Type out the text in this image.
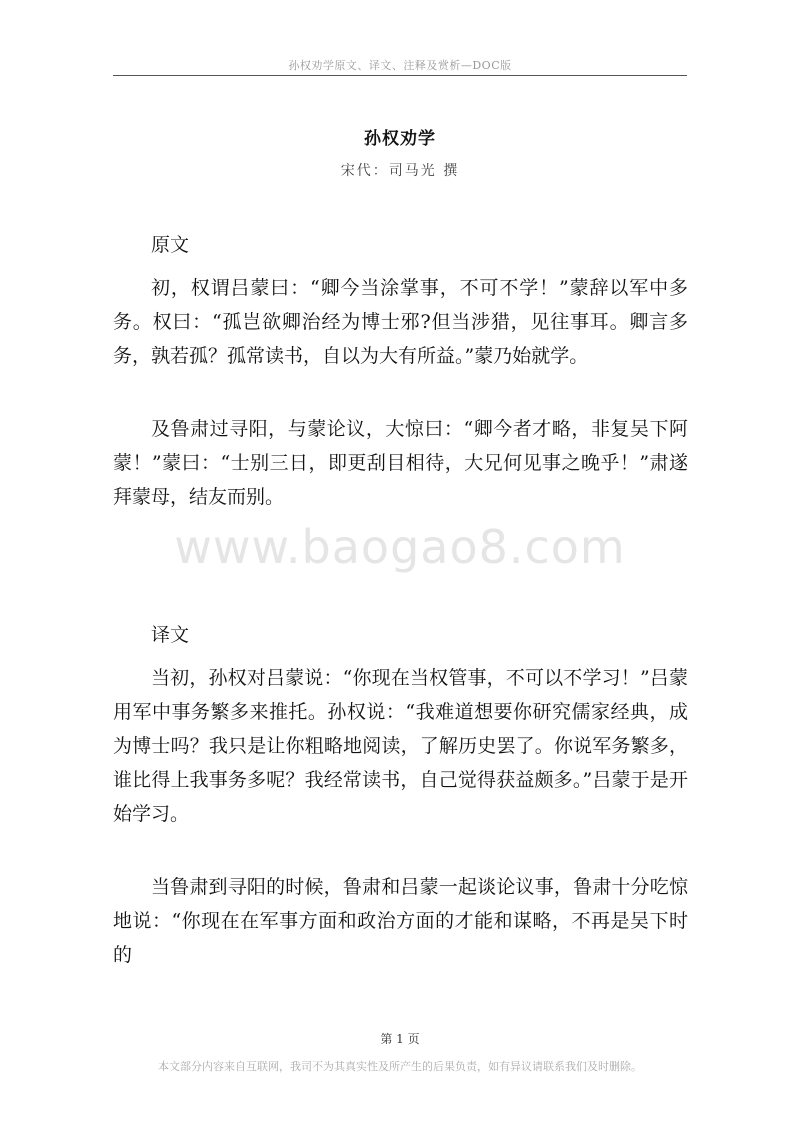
孙权劝学原文、译文、注释及赏析—DOC版
孙权劝学
宋代：司马光 撰

原文

初，权谓吕蒙曰：“卿今当涂掌事，不可不学！”蒙辞以军中多务。权曰：“孤岂欲卿治经为博士邪?但当涉猎，见往事耳。卿言多务，孰若孤？孤常读书，自以为大有所益。”蒙乃始就学。

及鲁肃过寻阳，与蒙论议，大惊曰：“卿今者才略，非复吴下阿蒙！”蒙曰：“士别三日，即更刮目相待，大兄何见事之晚乎！”肃遂拜蒙母，结友而别。

译文

当初，孙权对吕蒙说：“你现在当权管事，不可以不学习！”吕蒙用军中事务繁多来推托。孙权说：“我难道想要你研究儒家经典，成为博士吗？我只是让你粗略地阅读，了解历史罢了。你说军务繁多，谁比得上我事务多呢？我经常读书，自己觉得获益颇多。”吕蒙于是开始学习。

当鲁肃到寻阳的时候，鲁肃和吕蒙一起谈论议事，鲁肃十分吃惊地说：“你现在在军事方面和政治方面的才能和谋略，不再是吴下时的

www.baogao8.com
第 1 页
本文部分内容来自互联网，我司不为其真实性及所产生的后果负责，如有异议请联系我们及时删除。
